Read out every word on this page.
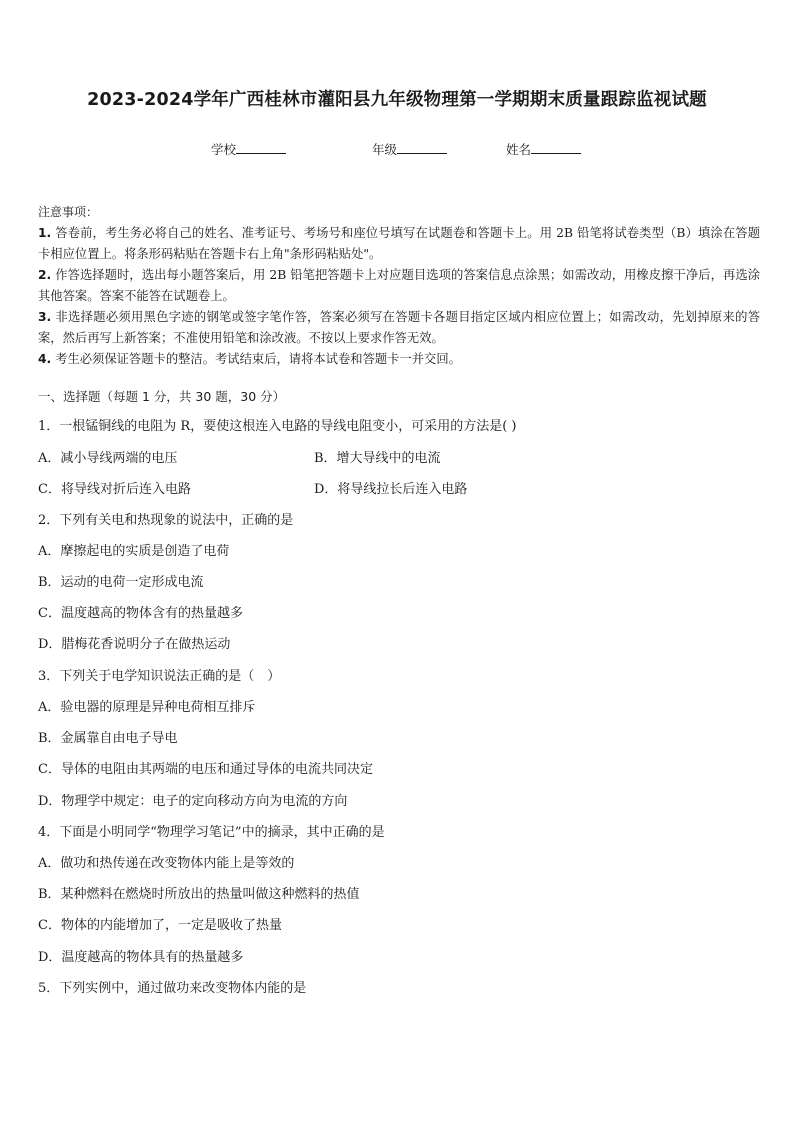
2023-2024学年广西桂林市灌阳县九年级物理第一学期期末质量跟踪监视试题
学校	年级	姓名
注意事项：
1. 答卷前，考生务必将自己的姓名、准考证号、考场号和座位号填写在试题卷和答题卡上。用 2B 铅笔将试卷类型（B）填涂在答题卡相应位置上。将条形码粘贴在答题卡右上角"条形码粘贴处"。
2. 作答选择题时，选出每小题答案后，用 2B 铅笔把答题卡上对应题目选项的答案信息点涂黑；如需改动，用橡皮擦干净后，再选涂其他答案。答案不能答在试题卷上。
3. 非选择题必须用黑色字迹的钢笔或签字笔作答，答案必须写在答题卡各题目指定区域内相应位置上；如需改动，先划掉原来的答案，然后再写上新答案；不准使用铅笔和涂改液。不按以上要求作答无效。
4. 考生必须保证答题卡的整洁。考试结束后，请将本试卷和答题卡一并交回。
一、选择题（每题 1 分，共 30 题，30 分）
1．一根锰铜线的电阻为 R，要使这根连入电路的导线电阻变小，可采用的方法是( )
A．减小导线两端的电压	B．增大导线中的电流
C．将导线对折后连入电路	D．将导线拉长后连入电路
2．下列有关电和热现象的说法中，正确的是
A．摩擦起电的实质是创造了电荷
B．运动的电荷一定形成电流
C．温度越高的物体含有的热量越多
D．腊梅花香说明分子在做热运动
3．下列关于电学知识说法正确的是（　）
A．验电器的原理是异种电荷相互排斥
B．金属靠自由电子导电
C．导体的电阻由其两端的电压和通过导体的电流共同决定
D．物理学中规定：电子的定向移动方向为电流的方向
4．下面是小明同学“物理学习笔记”中的摘录，其中正确的是
A．做功和热传递在改变物体内能上是等效的
B．某种燃料在燃烧时所放出的热量叫做这种燃料的热值
C．物体的内能增加了，一定是吸收了热量
D．温度越高的物体具有的热量越多
5．下列实例中，通过做功来改变物体内能的是
